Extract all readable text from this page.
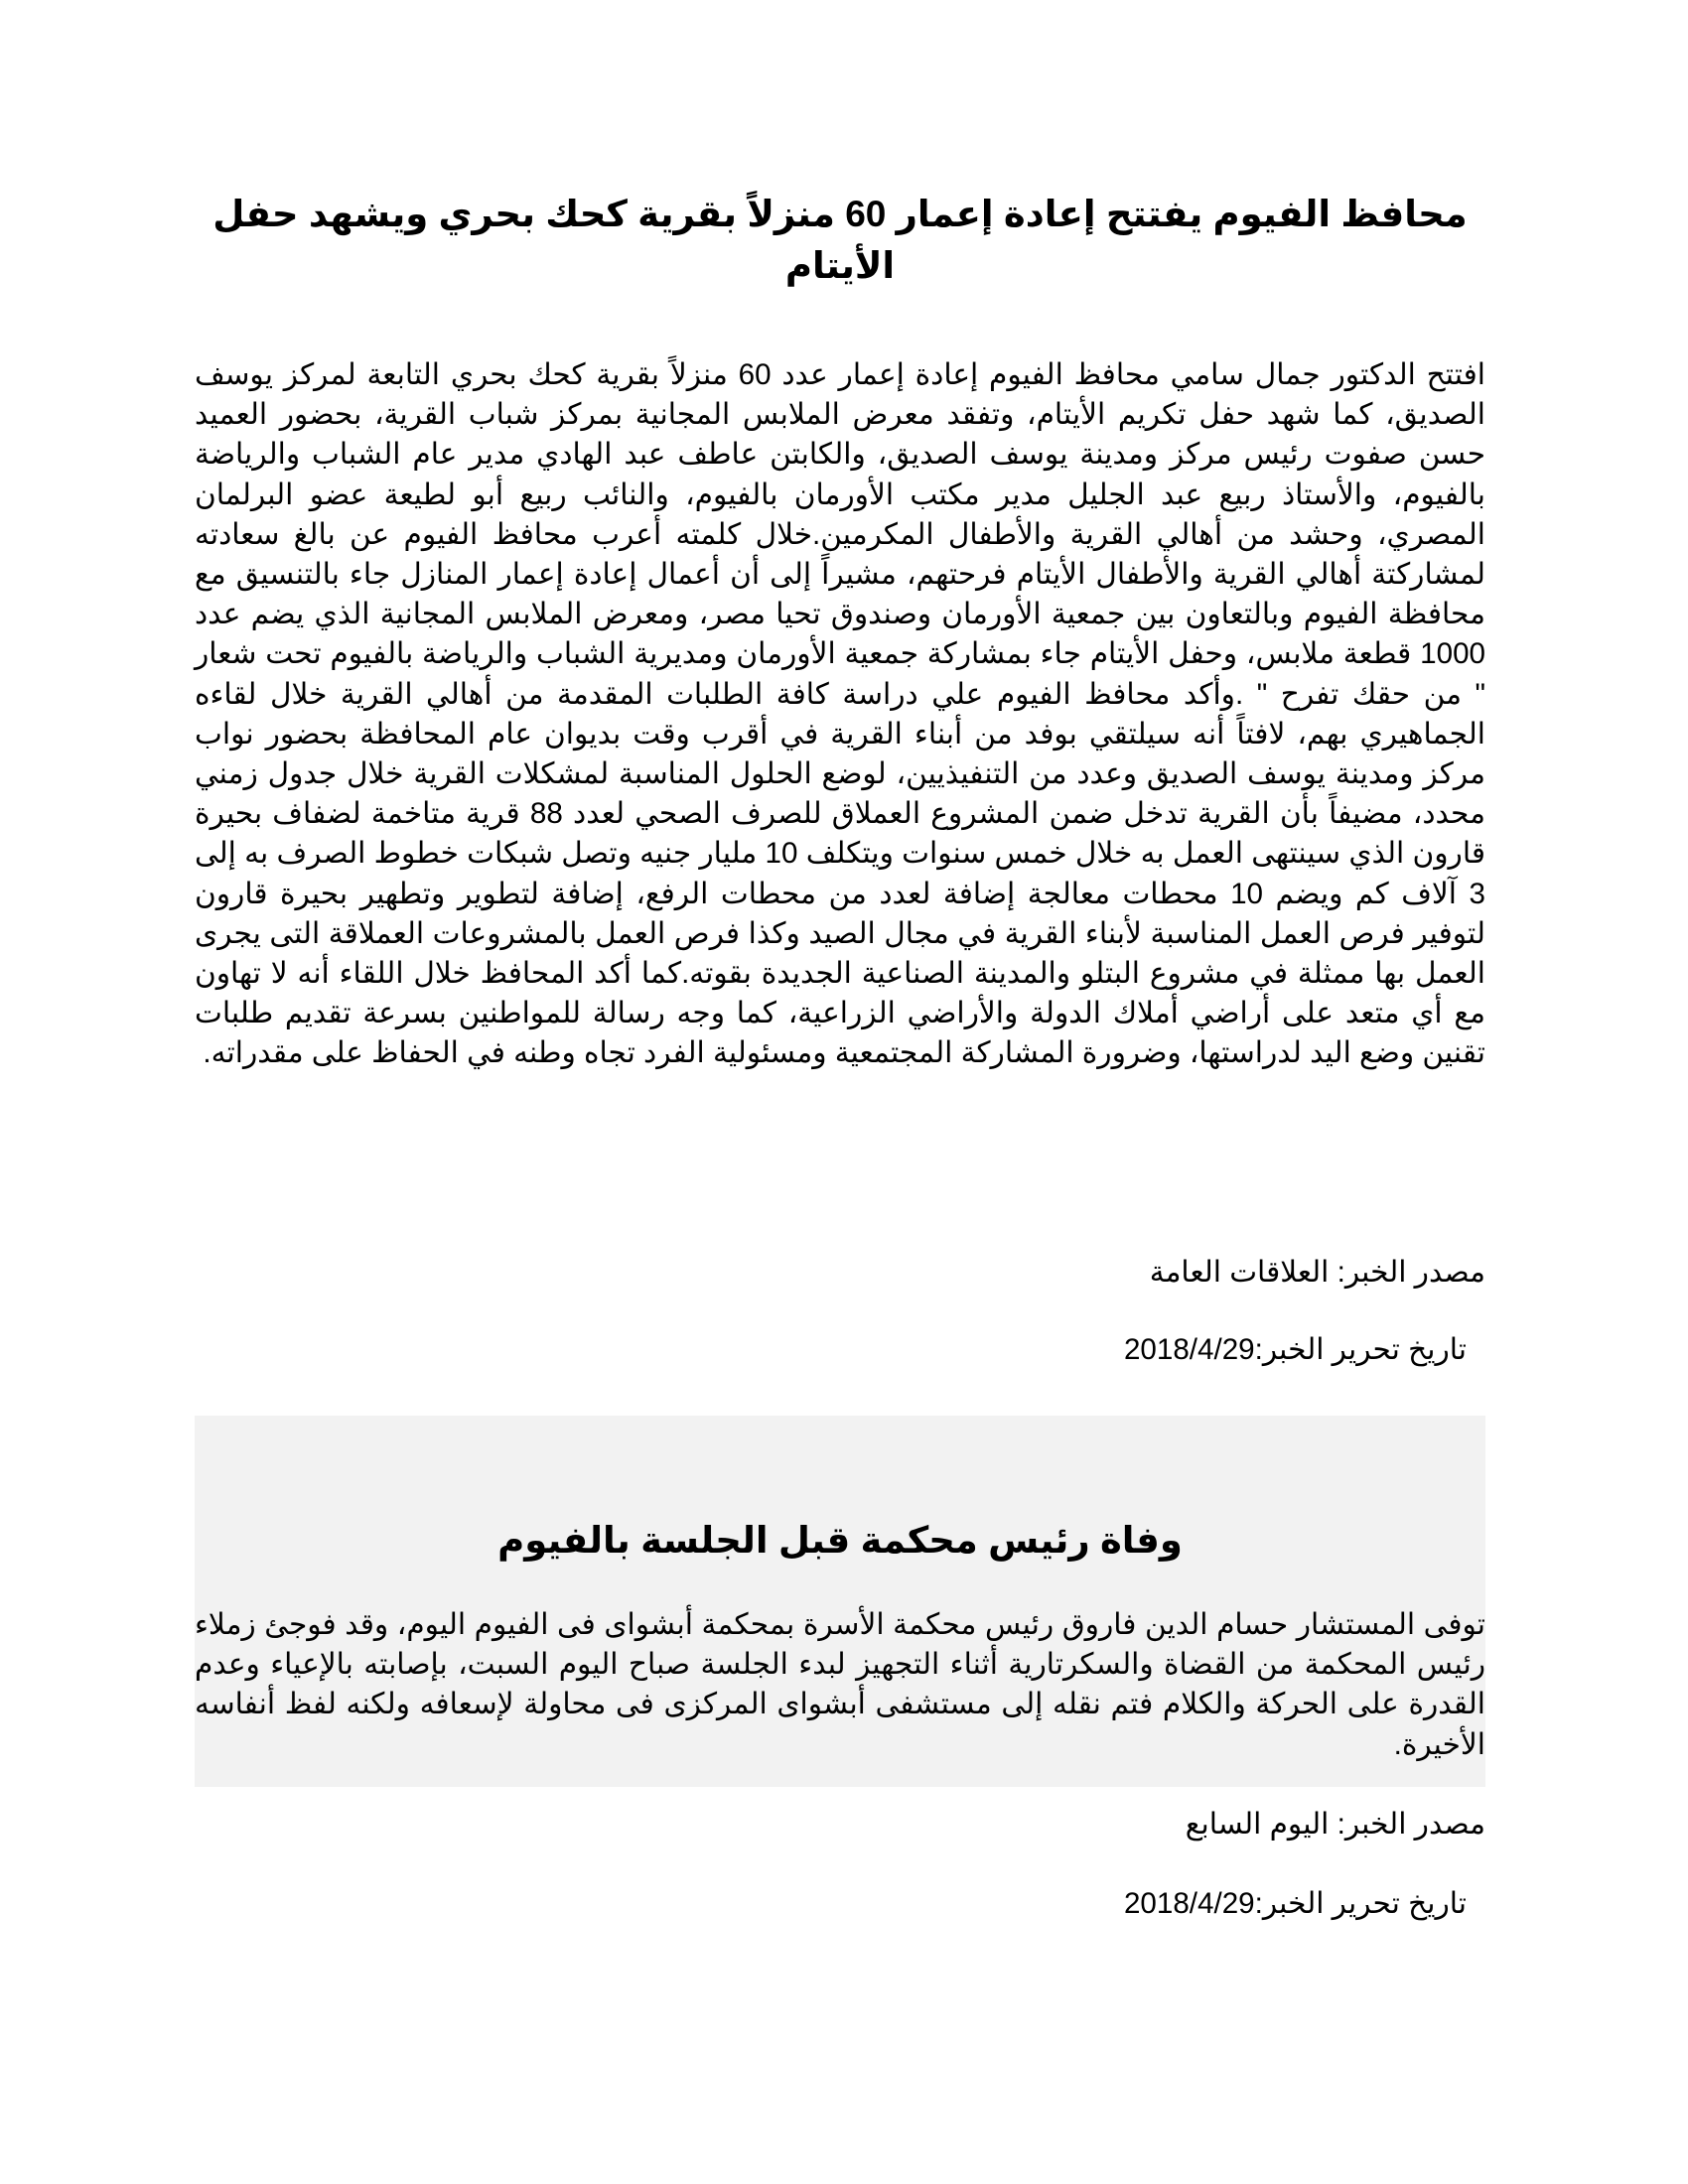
محافظ الفيوم يفتتح إعادة إعمار 60 منزلاً بقرية كحك بحري ويشهد حفل الأيتام

افتتح الدكتور جمال سامي محافظ الفيوم إعادة إعمار عدد 60 منزلاً بقرية كحك بحري التابعة لمركز يوسف الصديق، كما شهد حفل تكريم الأيتام، وتفقد معرض الملابس المجانية بمركز شباب القرية، بحضور العميد حسن صفوت رئيس مركز ومدينة يوسف الصديق، والكابتن عاطف عبد الهادي مدير عام الشباب والرياضة بالفيوم، والأستاذ ربيع عبد الجليل مدير مكتب الأورمان بالفيوم، والنائب ربيع أبو لطيعة عضو البرلمان المصري، وحشد من أهالي القرية والأطفال المكرمين.خلال كلمته أعرب محافظ الفيوم عن بالغ سعادته لمشاركتة أهالي القرية والأطفال الأيتام فرحتهم، مشيراً إلى أن أعمال إعادة إعمار المنازل جاء بالتنسيق مع محافظة الفيوم وبالتعاون بين جمعية الأورمان وصندوق تحيا مصر، ومعرض الملابس المجانية الذي يضم عدد 1000 قطعة ملابس، وحفل الأيتام جاء بمشاركة جمعية الأورمان ومديرية الشباب والرياضة بالفيوم تحت شعار " من حقك تفرح " .وأكد محافظ الفيوم علي دراسة كافة الطلبات المقدمة من أهالي القرية خلال لقاءه الجماهيري بهم، لافتاً أنه سيلتقي بوفد من أبناء القرية في أقرب وقت بديوان عام المحافظة بحضور نواب مركز ومدينة يوسف الصديق وعدد من التنفيذيين، لوضع الحلول المناسبة لمشكلات القرية خلال جدول زمني محدد، مضيفاً بأن القرية تدخل ضمن المشروع العملاق للصرف الصحي لعدد 88 قرية متاخمة لضفاف بحيرة قارون الذي سينتهى العمل به خلال خمس سنوات ويتكلف 10 مليار جنيه وتصل شبكات خطوط الصرف به إلى 3 آلاف كم ويضم 10 محطات معالجة إضافة لعدد من محطات الرفع، إضافة لتطوير وتطهير بحيرة قارون لتوفير فرص العمل المناسبة لأبناء القرية في مجال الصيد وكذا فرص العمل بالمشروعات العملاقة التى يجرى العمل بها ممثلة في مشروع البتلو والمدينة الصناعية الجديدة بقوته.كما أكد المحافظ خلال اللقاء أنه لا تهاون مع أي متعد على أراضي أملاك الدولة والأراضي الزراعية، كما وجه رسالة للمواطنين بسرعة تقديم طلبات تقنين وضع اليد لدراستها، وضرورة المشاركة المجتمعية ومسئولية الفرد تجاه وطنه في الحفاظ على مقدراته.

مصدر الخبر: العلاقات العامة
تاريخ تحرير الخبر:2018/4/29
وفاة رئيس محكمة قبل الجلسة بالفيوم

توفى المستشار حسام الدين فاروق رئيس محكمة الأسرة بمحكمة أبشواى فى الفيوم اليوم، وقد فوجئ زملاء رئيس المحكمة من القضاة والسكرتارية أثناء التجهيز لبدء الجلسة صباح اليوم السبت، بإصابته بالإعياء وعدم القدرة على الحركة والكلام فتم نقله إلى مستشفى أبشواى المركزى فى محاولة لإسعافه ولكنه لفظ أنفاسه الأخيرة.

مصدر الخبر: اليوم السابع
تاريخ تحرير الخبر:2018/4/29
